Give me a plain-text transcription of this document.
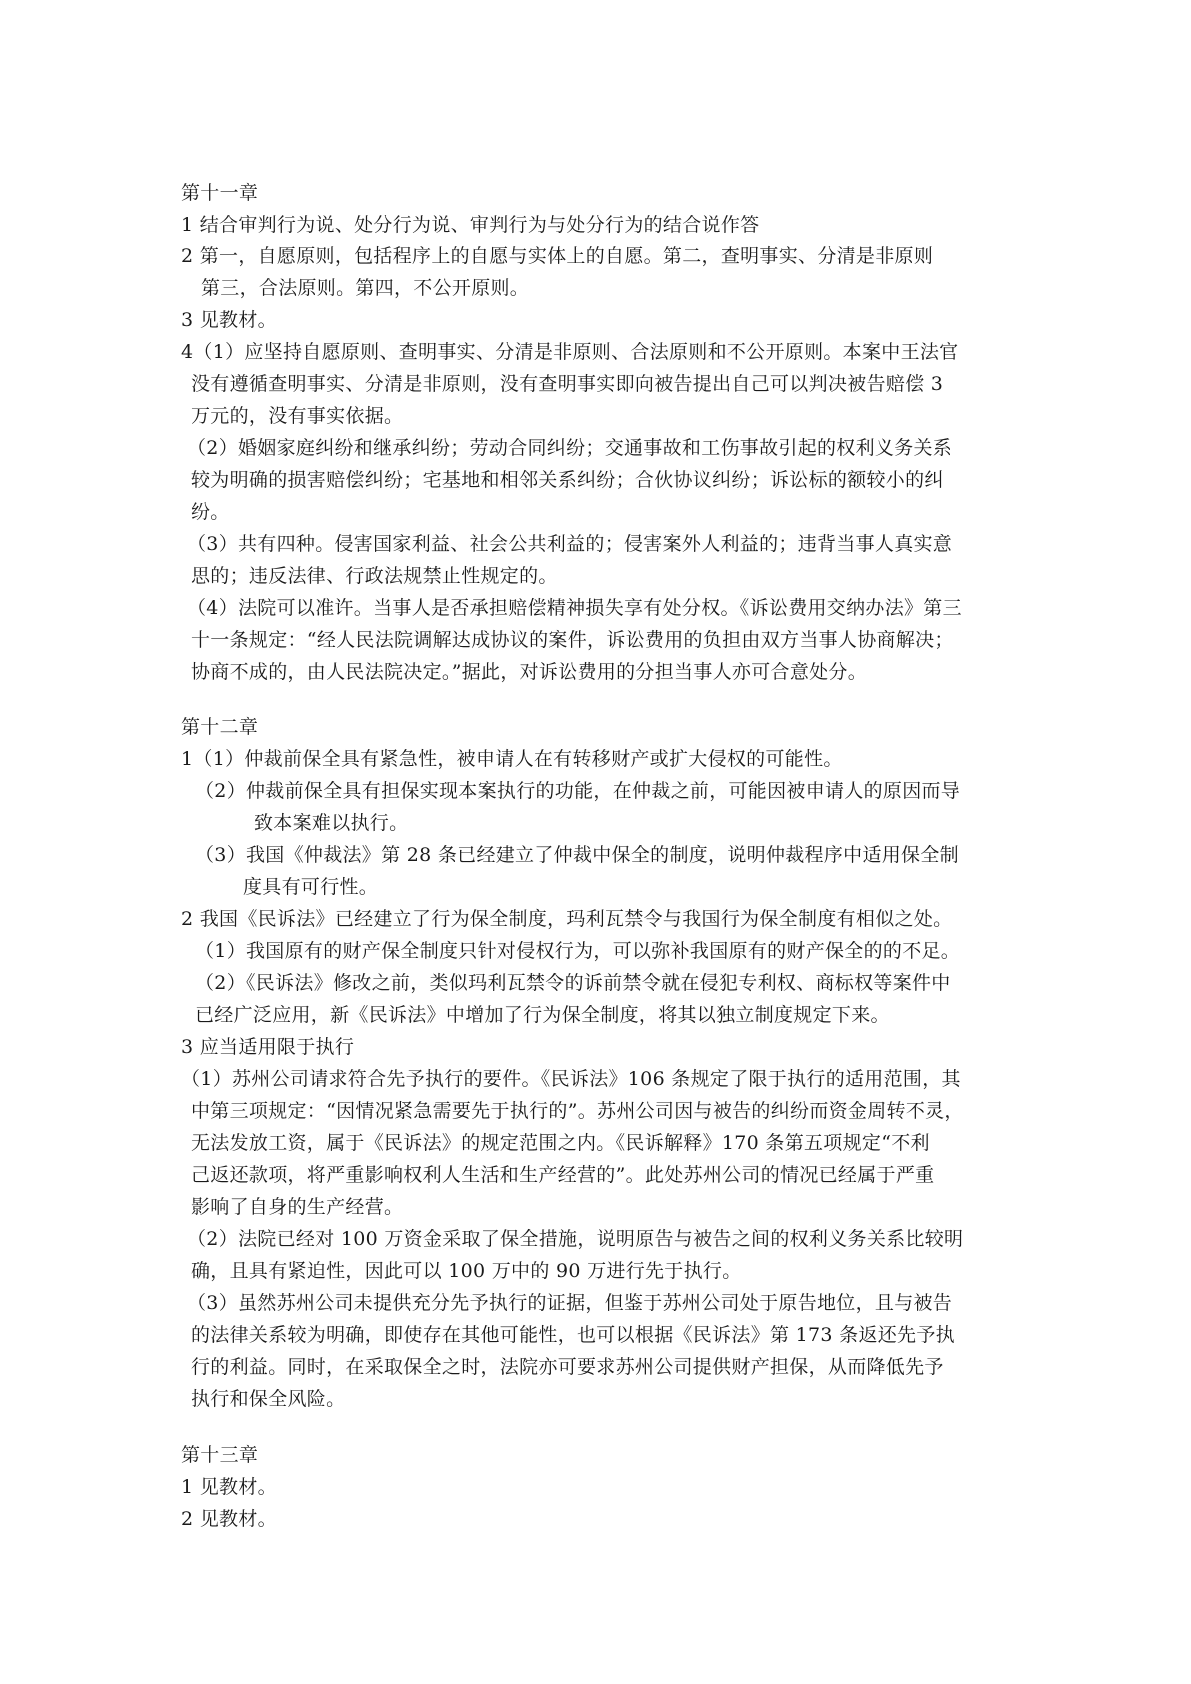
第十一章
1 结合审判行为说、处分行为说、审判行为与处分行为的结合说作答
2 第一，自愿原则，包括程序上的自愿与实体上的自愿。第二，查明事实、分清是非原则
第三，合法原则。第四，不公开原则。
3 见教材。
4（1）应坚持自愿原则、查明事实、分清是非原则、合法原则和不公开原则。本案中王法官
没有遵循查明事实、分清是非原则，没有查明事实即向被告提出自己可以判决被告赔偿 3
万元的，没有事实依据。
（2）婚姻家庭纠纷和继承纠纷；劳动合同纠纷；交通事故和工伤事故引起的权利义务关系
较为明确的损害赔偿纠纷；宅基地和相邻关系纠纷；合伙协议纠纷；诉讼标的额较小的纠
纷。
（3）共有四种。侵害国家利益、社会公共利益的；侵害案外人利益的；违背当事人真实意
思的；违反法律、行政法规禁止性规定的。
（4）法院可以准许。当事人是否承担赔偿精神损失享有处分权。《诉讼费用交纳办法》第三
十一条规定：“经人民法院调解达成协议的案件，诉讼费用的负担由双方当事人协商解决；
协商不成的，由人民法院决定。”据此，对诉讼费用的分担当事人亦可合意处分。
第十二章
1（1）仲裁前保全具有紧急性，被申请人在有转移财产或扩大侵权的可能性。
（2）仲裁前保全具有担保实现本案执行的功能，在仲裁之前，可能因被申请人的原因而导
致本案难以执行。
（3）我国《仲裁法》第 28 条已经建立了仲裁中保全的制度，说明仲裁程序中适用保全制
度具有可行性。
2 我国《民诉法》已经建立了行为保全制度，玛利瓦禁令与我国行为保全制度有相似之处。
（1）我国原有的财产保全制度只针对侵权行为，可以弥补我国原有的财产保全的的不足。
（2）《民诉法》修改之前，类似玛利瓦禁令的诉前禁令就在侵犯专利权、商标权等案件中
已经广泛应用，新《民诉法》中增加了行为保全制度，将其以独立制度规定下来。
3 应当适用限于执行
（1）苏州公司请求符合先予执行的要件。《民诉法》106 条规定了限于执行的适用范围，其
中第三项规定：“因情况紧急需要先于执行的”。苏州公司因与被告的纠纷而资金周转不灵，
无法发放工资，属于《民诉法》的规定范围之内。《民诉解释》170 条第五项规定“不利
己返还款项，将严重影响权利人生活和生产经营的”。此处苏州公司的情况已经属于严重
影响了自身的生产经营。
（2）法院已经对 100 万资金采取了保全措施，说明原告与被告之间的权利义务关系比较明
确，且具有紧迫性，因此可以 100 万中的 90 万进行先于执行。
（3）虽然苏州公司未提供充分先予执行的证据，但鉴于苏州公司处于原告地位，且与被告
的法律关系较为明确，即使存在其他可能性，也可以根据《民诉法》第 173 条返还先予执
行的利益。同时，在采取保全之时，法院亦可要求苏州公司提供财产担保，从而降低先予
执行和保全风险。
第十三章
1 见教材。
2 见教材。
